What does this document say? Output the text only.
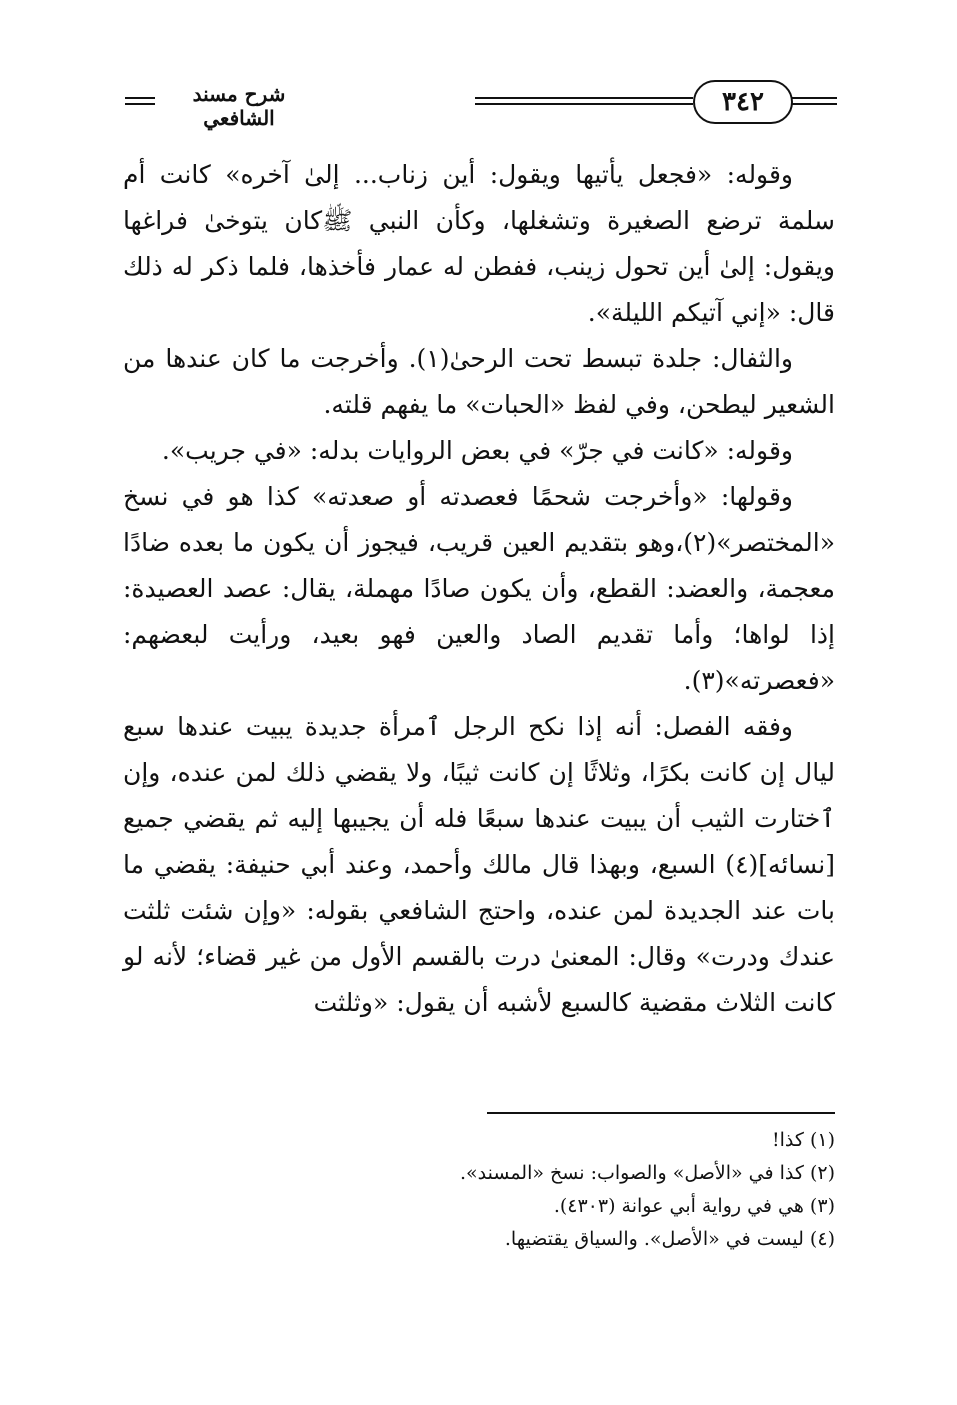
٣٤٢
شرح مسند الشافعي

وقوله: «فجعل يأتيها ويقول: أين زناب... إلىٰ آخره» كانت أم سلمة ترضع الصغيرة وتشغلها، وكأن النبي ﷺكان يتوخىٰ فراغها ويقول: إلىٰ أين تحول زينب، ففطن له عمار فأخذها، فلما ذكر له ذلك قال: «إني آتيكم الليلة».

والثفال: جلدة تبسط تحت الرحىٰ(١). وأخرجت ما كان عندها من الشعير ليطحن، وفي لفظ «الحبات» ما يفهم قلته.

وقوله: «كانت في جرّ» في بعض الروايات بدله: «في جريب».

وقولها: «وأخرجت شحمًا فعصدته أو صعدته» كذا هو في نسخ «المختصر»(٢)،وهو بتقديم العين قريب، فيجوز أن يكون ما بعده ضادًا معجمة، والعضد: القطع، وأن يكون صادًا مهملة، يقال: عصد العصيدة: إذا لواها؛ وأما تقديم الصاد والعين فهو بعيد، ورأيت لبعضهم: «فعصرته»(٣).

وفقه الفصل: أنه إذا نكح الرجل ٱمرأة جديدة يبيت عندها سبع ليال إن كانت بكرًا، وثلاثًا إن كانت ثيبًا، ولا يقضي ذلك لمن عنده، وإن ٱختارت الثيب أن يبيت عندها سبعًا فله أن يجيبها إليه ثم يقضي جميع [نسائه](٤) السبع، وبهذا قال مالك وأحمد، وعند أبي حنيفة: يقضي ما بات عند الجديدة لمن عنده، واحتج الشافعي بقوله: «وإن شئت ثلثت عندك ودرت» وقال: المعنىٰ درت بالقسم الأول من غير قضاء؛ لأنه لو كانت الثلاث مقضية كالسبع لأشبه أن يقول: «وثلثت

(١) كذا!

(٢) كذا في «الأصل» والصواب: نسخ «المسند».

(٣) هي في رواية أبي عوانة (٤٣٠٣).

(٤) ليست في «الأصل». والسياق يقتضيها.
